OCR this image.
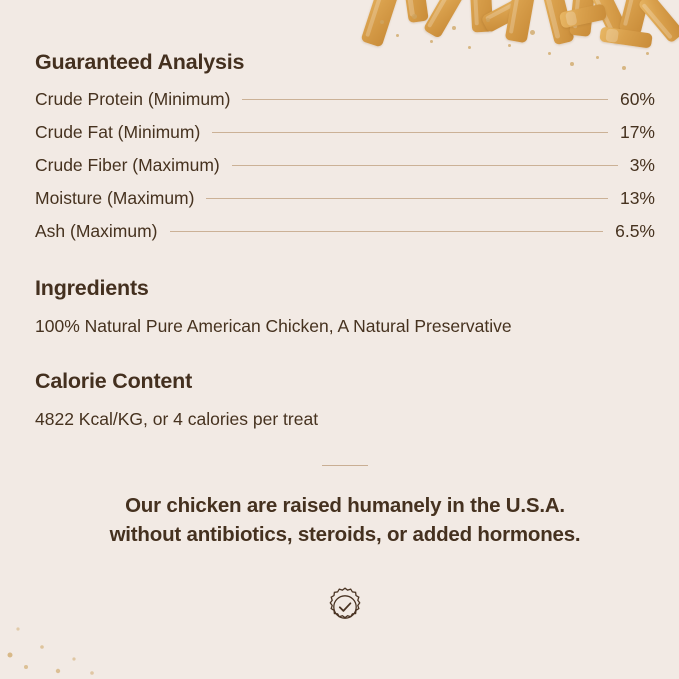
Guaranteed Analysis
Crude Protein (Minimum)	60%
Crude Fat (Minimum)	17%
Crude Fiber (Maximum)	3%
Moisture (Maximum)	13%
Ash (Maximum)	6.5%
Ingredients

100% Natural Pure American Chicken, A Natural Preservative

Calorie Content

4822 Kcal/KG, or 4 calories per treat

Our chicken are raised humanely in the U.S.A.
without antibiotics, steroids, or added hormones.
